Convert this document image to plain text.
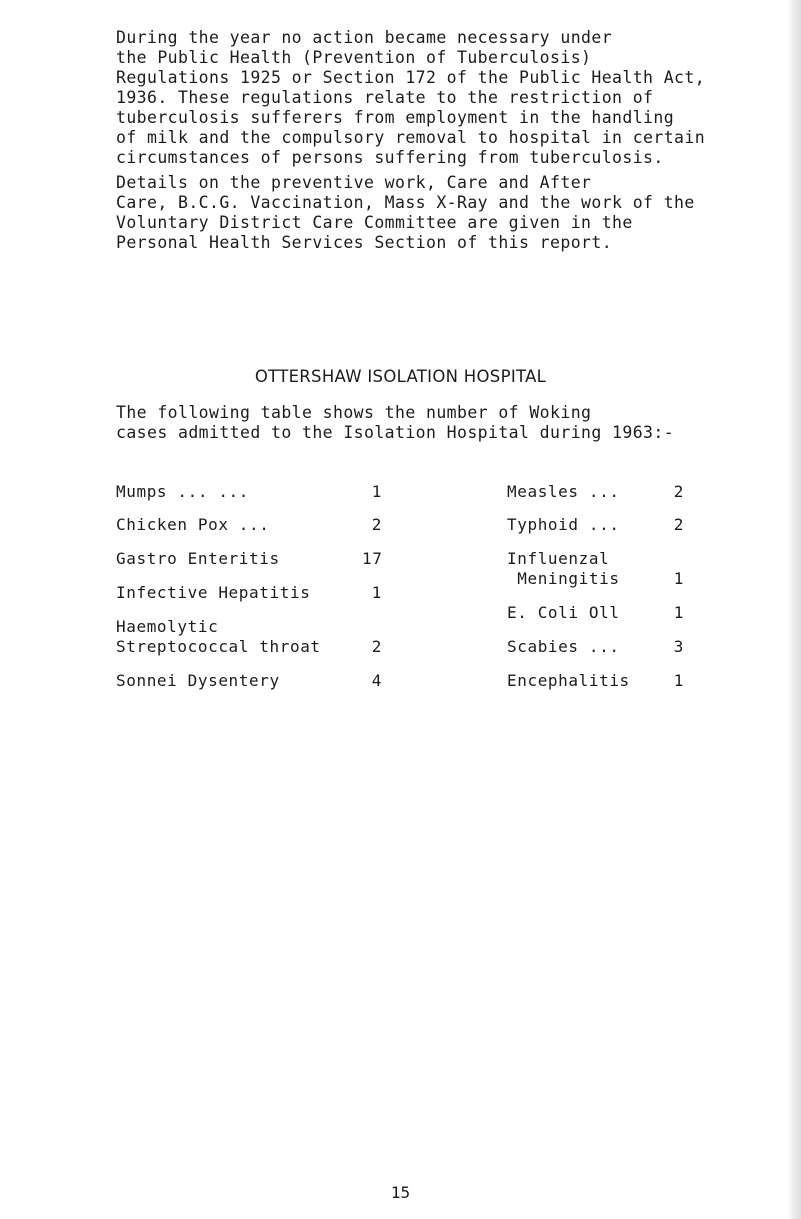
During the year no action became necessary under
the Public Health (Prevention of Tuberculosis)
Regulations 1925 or Section 172 of the Public Health Act,
1936. These regulations relate to the restriction of
tuberculosis sufferers from employment in the handling
of milk and the compulsory removal to hospital in certain
circumstances of persons suffering from tuberculosis.
Details on the preventive work, Care and After
Care, B.C.G. Vaccination, Mass X-Ray and the work of the
Voluntary District Care Committee are given in the
Personal Health Services Section of this report.
OTTERSHAW ISOLATION HOSPITAL
The following table shows the number of Woking
cases admitted to the Isolation Hospital during 1963:-
Mumps ... ...	1
Chicken Pox ...	2
Gastro Enteritis	17
Infective Hepatitis	1
Haemolytic
Streptococcal throat	2
Sonnei Dysentery	4
Measles ...	2
Typhoid ...	2
Influenzal
Meningitis	1
E. Coli Oll	1
Scabies ...	3
Encephalitis	1
15
